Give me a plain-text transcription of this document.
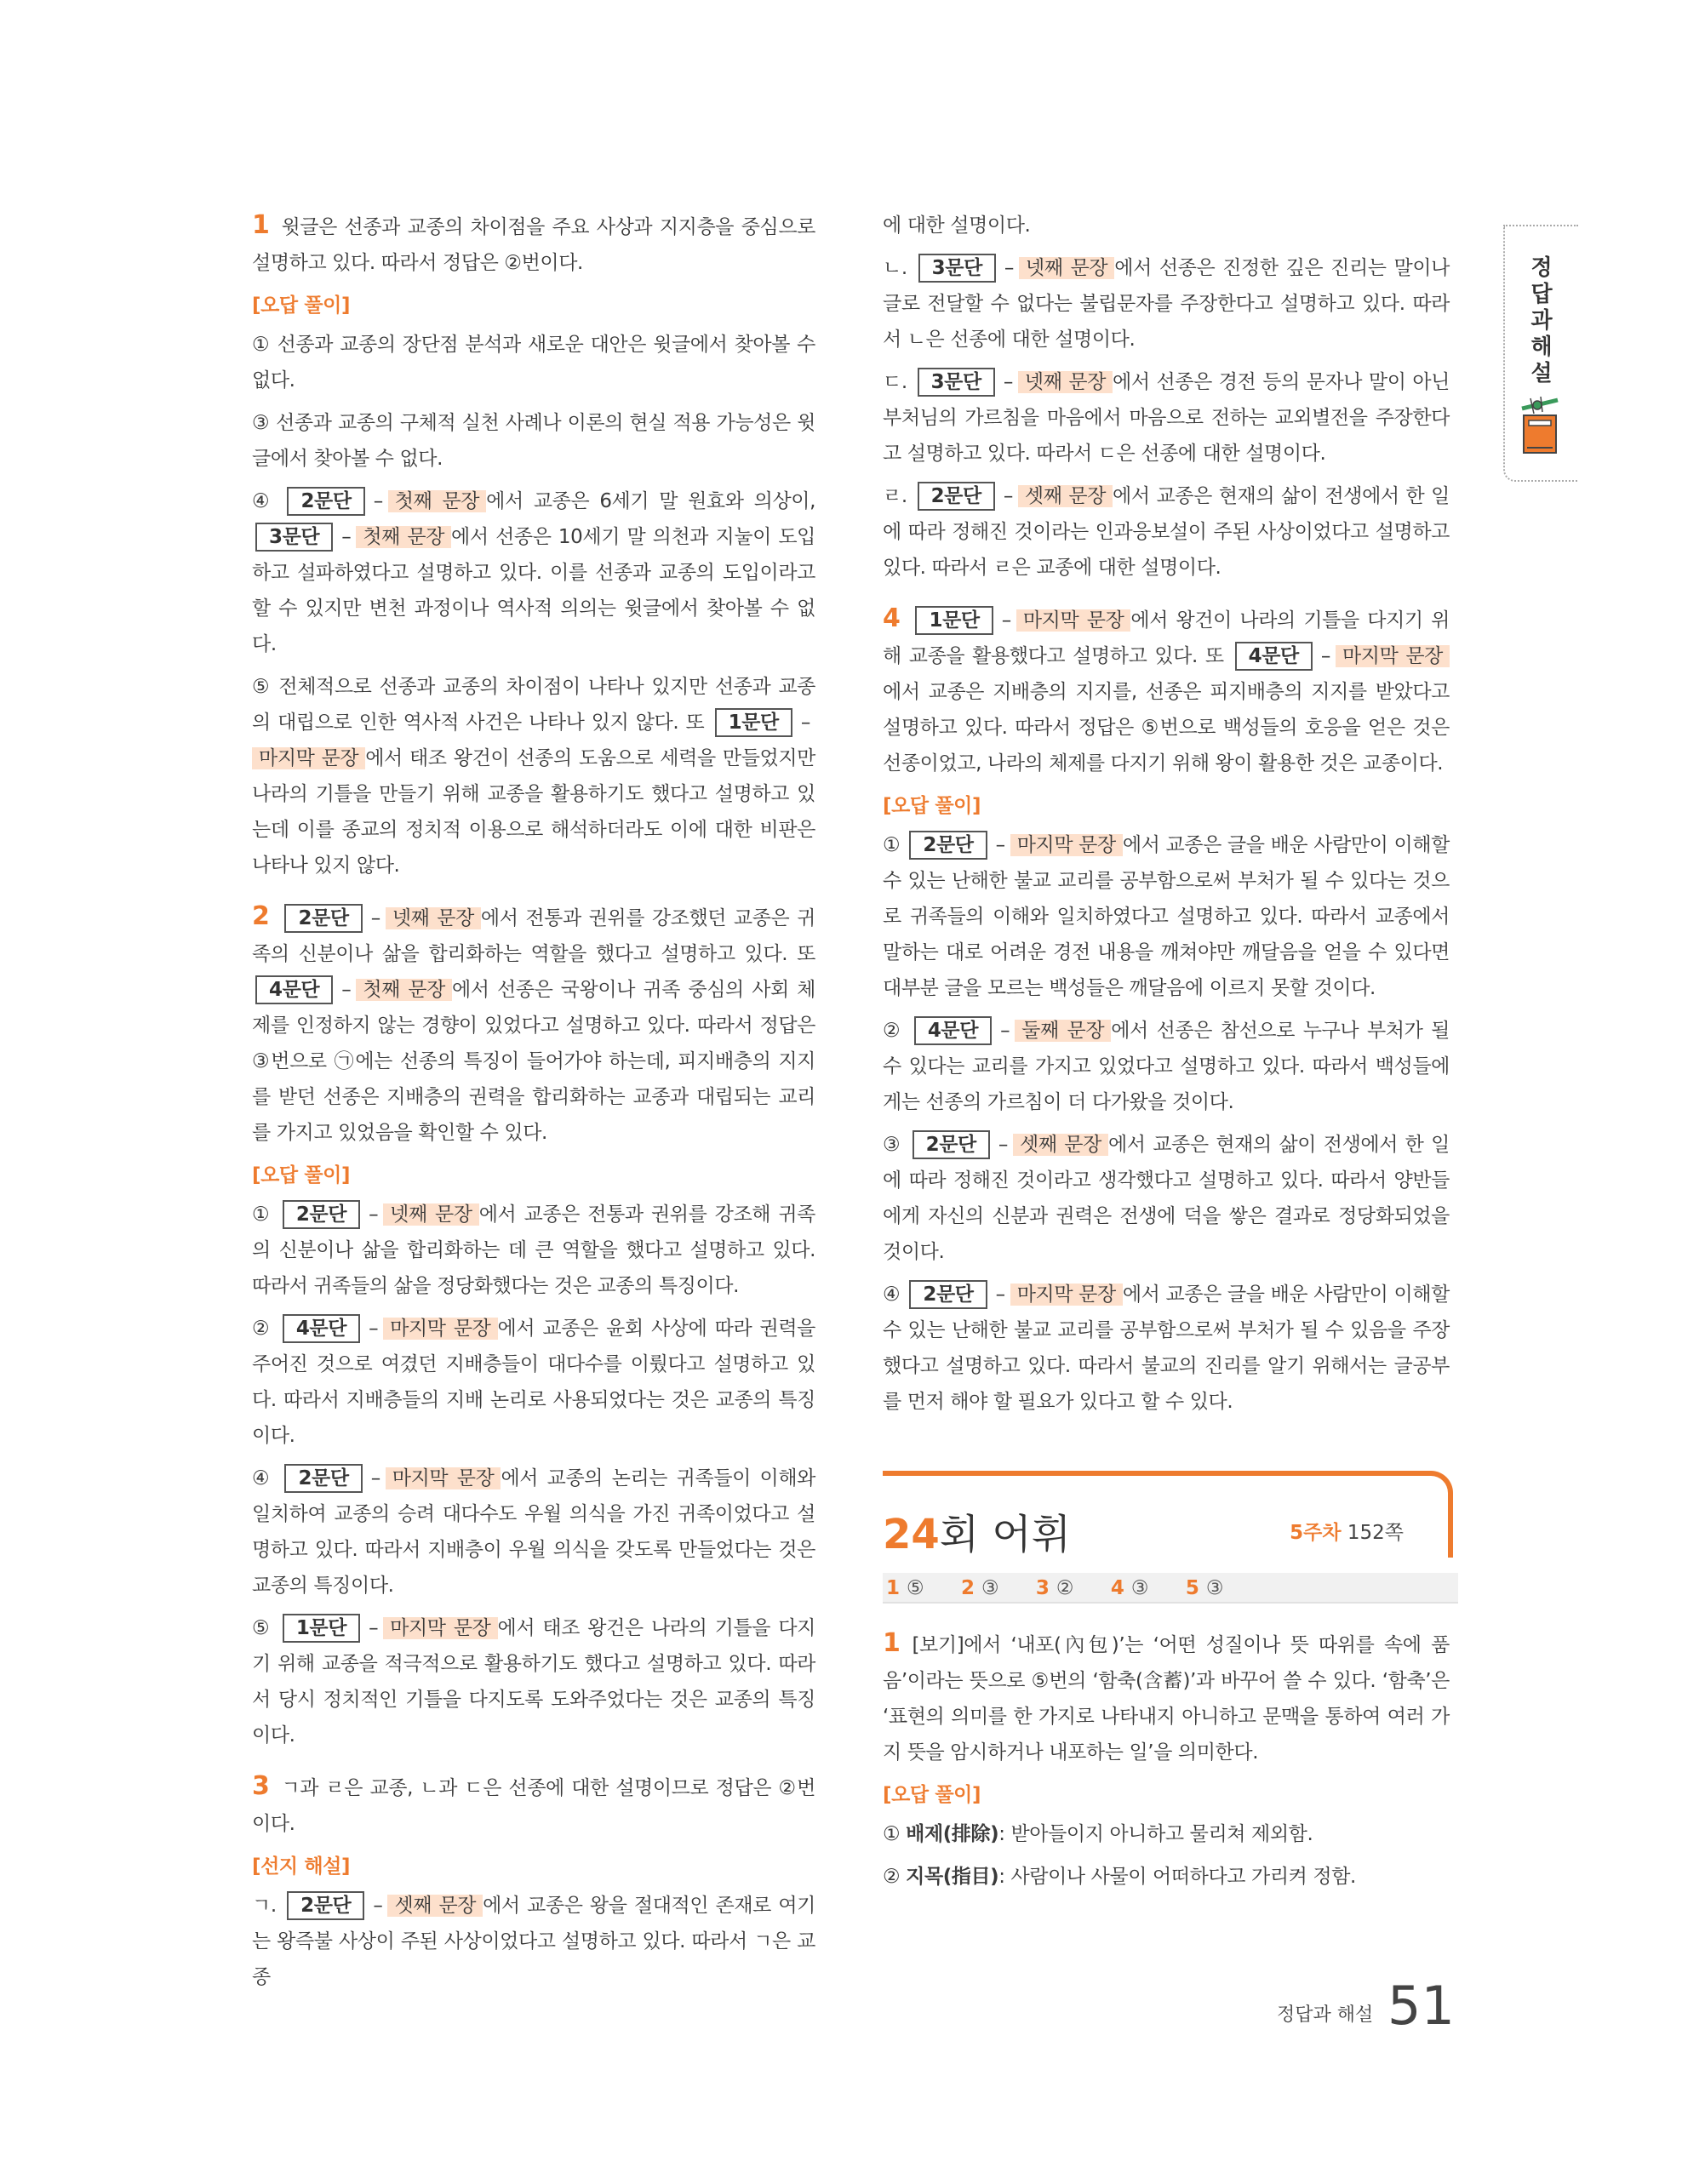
1 윗글은 선종과 교종의 차이점을 주요 사상과 지지층을 중심으로 설명하고 있다. 따라서 정답은 ②번이다.

[오답 풀이]

① 선종과 교종의 장단점 분석과 새로운 대안은 윗글에서 찾아볼 수 없다.

③ 선종과 교종의 구체적 실천 사례나 이론의 현실 적용 가능성은 윗글에서 찾아볼 수 없다.

④ 2문단 – 첫째 문장 에서 교종은 6세기 말 원효와 의상이, 3문단 – 첫째 문장 에서 선종은 10세기 말 의천과 지눌이 도입하고 설파하였다고 설명하고 있다. 이를 선종과 교종의 도입이라고 할 수 있지만 변천 과정이나 역사적 의의는 윗글에서 찾아볼 수 없다.

⑤ 전체적으로 선종과 교종의 차이점이 나타나 있지만 선종과 교종의 대립으로 인한 역사적 사건은 나타나 있지 않다. 또 1문단 –마지막 문장 에서 태조 왕건이 선종의 도움으로 세력을 만들었지만 나라의 기틀을 만들기 위해 교종을 활용하기도 했다고 설명하고 있는데 이를 종교의 정치적 이용으로 해석하더라도 이에 대한 비판은 나타나 있지 않다.

2 2문단 – 넷째 문장 에서 전통과 권위를 강조했던 교종은 귀족의 신분이나 삶을 합리화하는 역할을 했다고 설명하고 있다. 또 4문단 – 첫째 문장 에서 선종은 국왕이나 귀족 중심의 사회 체제를 인정하지 않는 경향이 있었다고 설명하고 있다. 따라서 정답은 ③번으로 ㉠에는 선종의 특징이 들어가야 하는데, 피지배층의 지지를 받던 선종은 지배층의 권력을 합리화하는 교종과 대립되는 교리를 가지고 있었음을 확인할 수 있다.

[오답 풀이]

① 2문단 – 넷째 문장 에서 교종은 전통과 권위를 강조해 귀족의 신분이나 삶을 합리화하는 데 큰 역할을 했다고 설명하고 있다. 따라서 귀족들의 삶을 정당화했다는 것은 교종의 특징이다.

② 4문단 – 마지막 문장 에서 교종은 윤회 사상에 따라 권력을 주어진 것으로 여겼던 지배층들이 대다수를 이뤘다고 설명하고 있다. 따라서 지배층들의 지배 논리로 사용되었다는 것은 교종의 특징이다.

④ 2문단 – 마지막 문장 에서 교종의 논리는 귀족들이 이해와 일치하여 교종의 승려 대다수도 우월 의식을 가진 귀족이었다고 설명하고 있다. 따라서 지배층이 우월 의식을 갖도록 만들었다는 것은 교종의 특징이다.

⑤ 1문단 – 마지막 문장 에서 태조 왕건은 나라의 기틀을 다지기 위해 교종을 적극적으로 활용하기도 했다고 설명하고 있다. 따라서 당시 정치적인 기틀을 다지도록 도와주었다는 것은 교종의 특징이다.

3 ㄱ과 ㄹ은 교종, ㄴ과 ㄷ은 선종에 대한 설명이므로 정답은 ②번이다.

[선지 해설]

ㄱ. 2문단 – 셋째 문장 에서 교종은 왕을 절대적인 존재로 여기는 왕즉불 사상이 주된 사상이었다고 설명하고 있다. 따라서 ㄱ은 교종

에 대한 설명이다.

ㄴ. 3문단 – 넷째 문장 에서 선종은 진정한 깊은 진리는 말이나 글로 전달할 수 없다는 불립문자를 주장한다고 설명하고 있다. 따라서 ㄴ은 선종에 대한 설명이다.

ㄷ. 3문단 – 넷째 문장 에서 선종은 경전 등의 문자나 말이 아닌 부처님의 가르침을 마음에서 마음으로 전하는 교외별전을 주장한다고 설명하고 있다. 따라서 ㄷ은 선종에 대한 설명이다.

ㄹ. 2문단 – 셋째 문장 에서 교종은 현재의 삶이 전생에서 한 일에 따라 정해진 것이라는 인과응보설이 주된 사상이었다고 설명하고 있다. 따라서 ㄹ은 교종에 대한 설명이다.

4 1문단 – 마지막 문장 에서 왕건이 나라의 기틀을 다지기 위해 교종을 활용했다고 설명하고 있다. 또 4문단 – 마지막 문장에서 교종은 지배층의 지지를, 선종은 피지배층의 지지를 받았다고 설명하고 있다. 따라서 정답은 ⑤번으로 백성들의 호응을 얻은 것은 선종이었고, 나라의 체제를 다지기 위해 왕이 활용한 것은 교종이다.

[오답 풀이]

① 2문단 – 마지막 문장 에서 교종은 글을 배운 사람만이 이해할 수 있는 난해한 불교 교리를 공부함으로써 부처가 될 수 있다는 것으로 귀족들의 이해와 일치하였다고 설명하고 있다. 따라서 교종에서 말하는 대로 어려운 경전 내용을 깨쳐야만 깨달음을 얻을 수 있다면 대부분 글을 모르는 백성들은 깨달음에 이르지 못할 것이다.

② 4문단 – 둘째 문장 에서 선종은 참선으로 누구나 부처가 될 수 있다는 교리를 가지고 있었다고 설명하고 있다. 따라서 백성들에게는 선종의 가르침이 더 다가왔을 것이다.

③ 2문단 – 셋째 문장 에서 교종은 현재의 삶이 전생에서 한 일에 따라 정해진 것이라고 생각했다고 설명하고 있다. 따라서 양반들에게 자신의 신분과 권력은 전생에 덕을 쌓은 결과로 정당화되었을 것이다.

④ 2문단 – 마지막 문장 에서 교종은 글을 배운 사람만이 이해할 수 있는 난해한 불교 교리를 공부함으로써 부처가 될 수 있음을 주장했다고 설명하고 있다. 따라서 불교의 진리를 알기 위해서는 글공부를 먼저 해야 할 필요가 있다고 할 수 있다.

24회 어휘	5주차 152쪽
1 ⑤ 2 ③ 3 ② 4 ③ 5 ③

1 [보기]에서 ‘내포(內包)’는 ‘어떤 성질이나 뜻 따위를 속에 품음’이라는 뜻으로 ⑤번의 ‘함축(含蓄)’과 바꾸어 쓸 수 있다. ‘함축’은 ‘표현의 의미를 한 가지로 나타내지 아니하고 문맥을 통하여 여러 가지 뜻을 암시하거나 내포하는 일’을 의미한다.

[오답 풀이]

① 배제(排除): 받아들이지 아니하고 물리쳐 제외함.

② 지목(指目): 사람이나 사물이 어떠하다고 가리켜 정함.

정답과해설
정답과 해설 51
